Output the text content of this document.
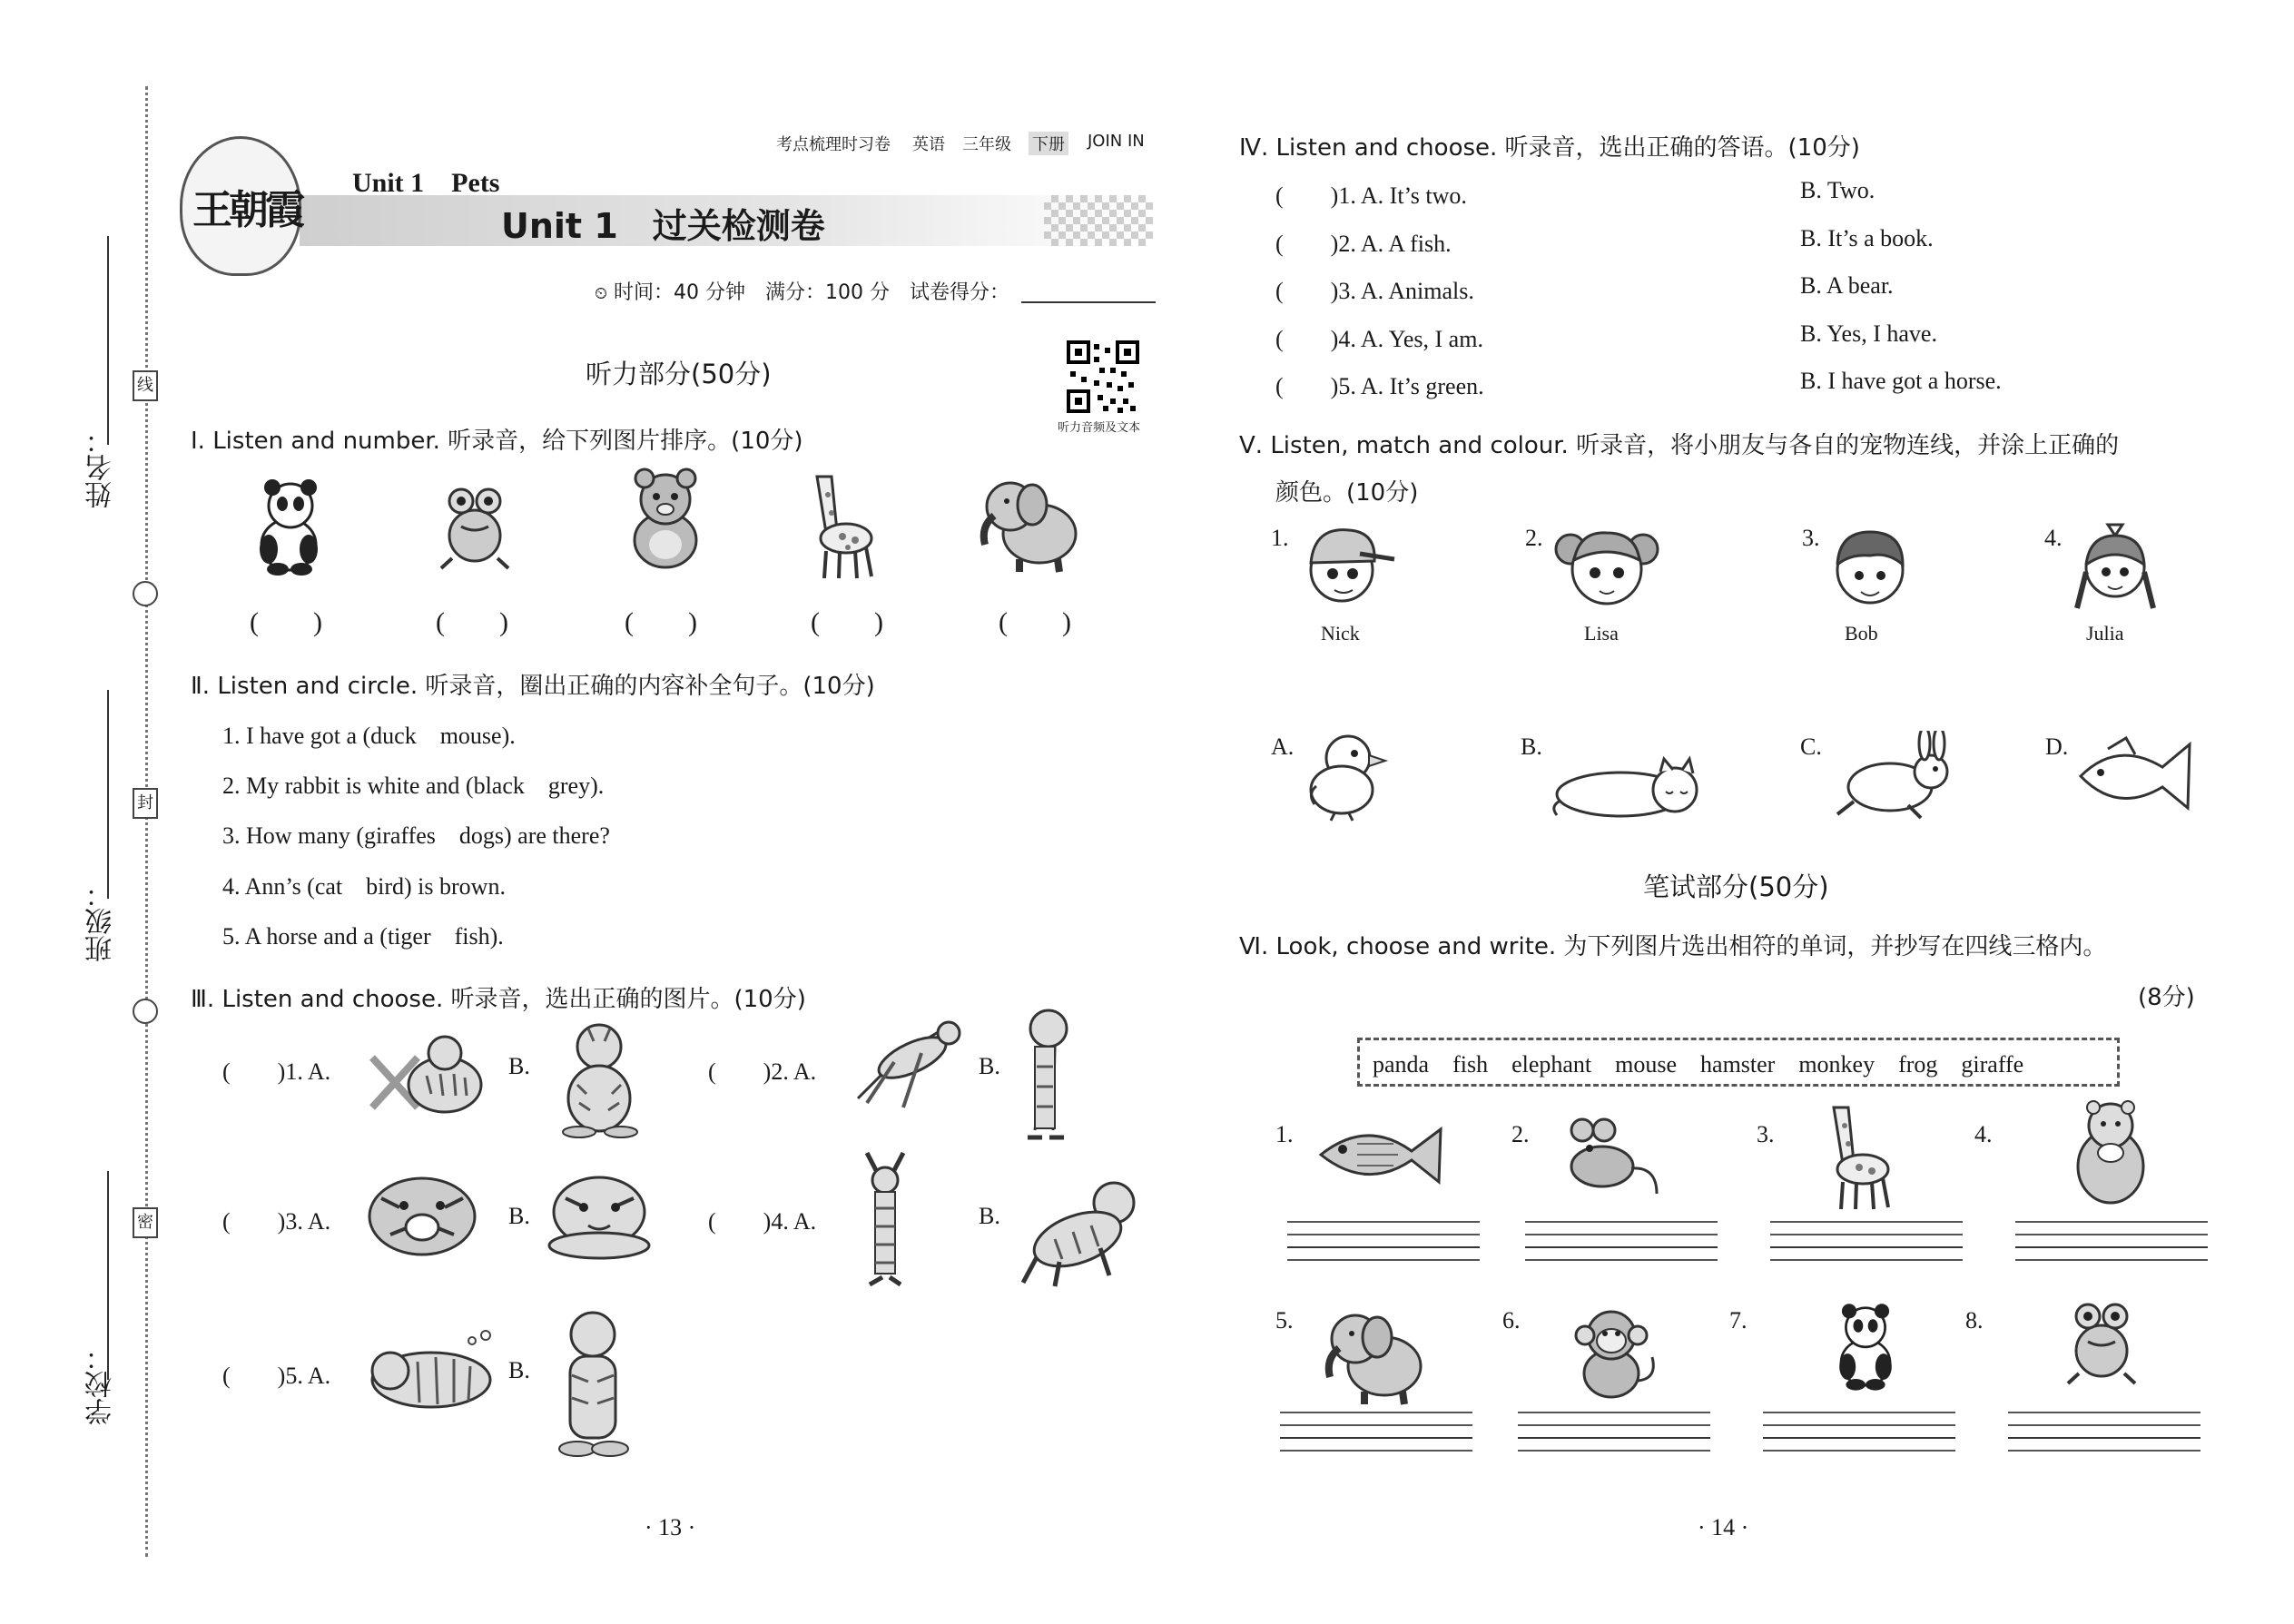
姓名：
班级：
学校：
线
封
密
王朝霞
考点梳理时习卷 英语 三年级 下册 JOIN IN
Unit 1　Pets
Unit 1　过关检测卷
⏲ 时间：40 分钟　满分：100 分　试卷得分：
听力音频及文本
听力部分(50分)
Ⅰ. Listen and number. 听录音，给下列图片排序。(10分)
(　　)	(　　)	(　　)	(　　)	(　　)
Ⅱ. Listen and circle. 听录音，圈出正确的内容补全句子。(10分)
1. I have got a (duck　mouse).
2. My rabbit is white and (black　grey).
3. How many (giraffes　dogs) are there?
4. Ann’s (cat　bird) is brown.
5. A horse and a (tiger　fish).
Ⅲ. Listen and choose. 听录音，选出正确的图片。(10分)
(　　)1. A.	B.	(　　)2. A.	B.
(　　)3. A.	B.	(　　)4. A.	B.
(　　)5. A.	B.
· 13 ·
Ⅳ. Listen and choose. 听录音，选出正确的答语。(10分)
(　　)1. A. It’s two.	B. Two.
(　　)2. A. A fish.	B. It’s a book.
(　　)3. A. Animals.	B. A bear.
(　　)4. A. Yes, I am.	B. Yes, I have.
(　　)5. A. It’s green.	B. I have got a horse.
Ⅴ. Listen, match and colour. 听录音，将小朋友与各自的宠物连线，并涂上正确的
颜色。(10分)
1.
Nick
2.
Lisa
3.
Bob
4.
Julia
A.	B.	C.	D.
笔试部分(50分)
Ⅵ. Look, choose and write. 为下列图片选出相符的单词，并抄写在四线三格内。
(8分)
panda　fish　elephant　mouse　hamster　monkey　frog　giraffe
1.	2.	3.	4.
5.	6.	7.	8.
· 14 ·
